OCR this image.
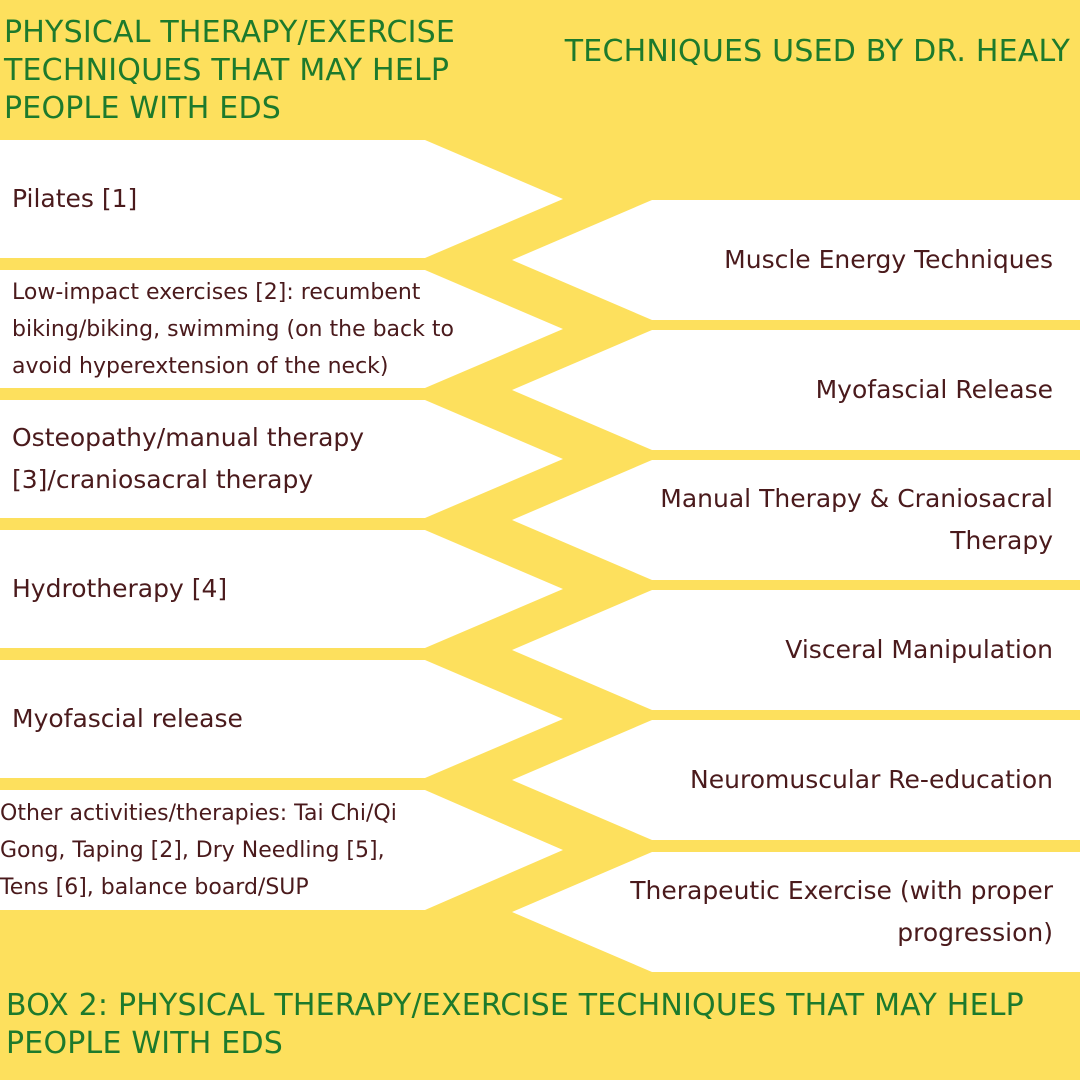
PHYSICAL THERAPY/EXERCISE
TECHNIQUES THAT MAY HELP
PEOPLE WITH EDS
TECHNIQUES USED BY DR. HEALY
Pilates [1]
Low-impact exercises [2]: recumbent
biking/biking, swimming (on the back to
avoid hyperextension of the neck)
Osteopathy/manual therapy
[3]/craniosacral therapy
Hydrotherapy [4]
Myofascial release
Other activities/therapies: Tai Chi/Qi
Gong, Taping [2], Dry Needling [5],
Tens [6], balance board/SUP
Muscle Energy Techniques
Myofascial Release
Manual Therapy & Craniosacral
Therapy
Visceral Manipulation
Neuromuscular Re-education
Therapeutic Exercise (with proper
progression)
BOX 2: PHYSICAL THERAPY/EXERCISE TECHNIQUES THAT MAY HELP
PEOPLE WITH EDS
